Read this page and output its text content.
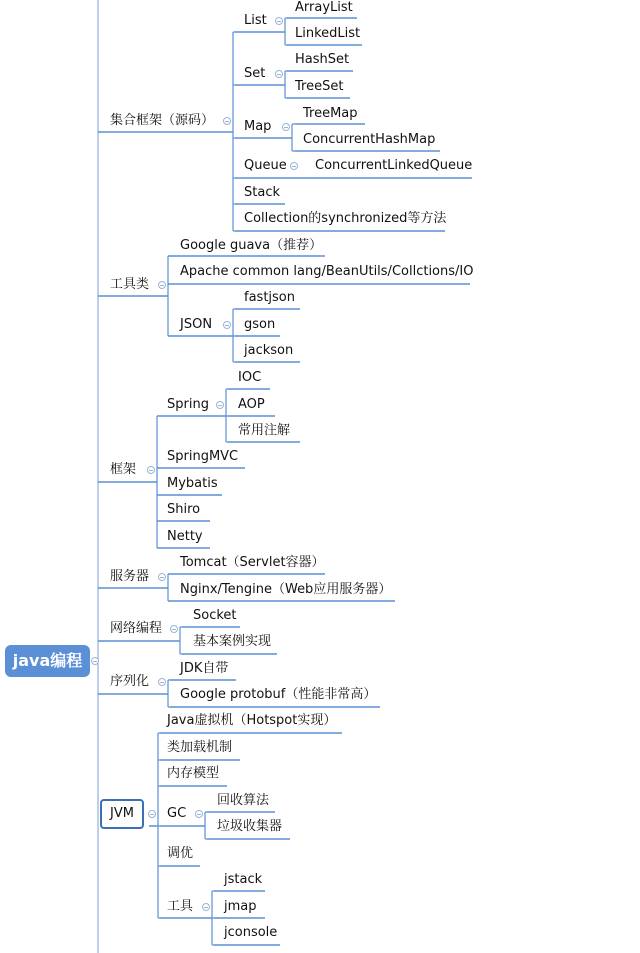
java编程
集合框架（源码）
List
ArrayList
LinkedList
Set
HashSet
TreeSet
Map
TreeMap
ConcurrentHashMap
Queue ConcurrentLinkedQueue
Stack
Collection的synchronized等方法
工具类
Google guava（推荐）
Apache common lang/BeanUtils/Collctions/IO
JSON
fastjson
gson
jackson
框架
Spring
IOC
AOP
常用注解
SpringMVC
Mybatis
Shiro
Netty
服务器
Tomcat（Servlet容器）
Nginx/Tengine（Web应用服务器）
网络编程
Socket
基本案例实现
序列化
JDK自带
Google protobuf（性能非常高）
JVM
Java虚拟机（Hotspot实现）
类加载机制
内存模型
GC
回收算法
垃圾收集器
调优
工具
jstack
jmap
jconsole
